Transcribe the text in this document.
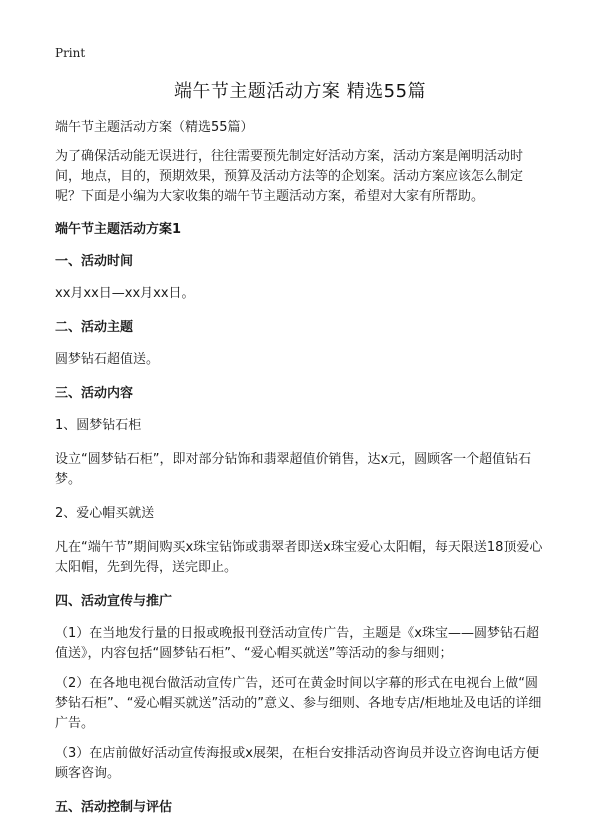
Print
端午节主题活动方案 精选55篇

端午节主题活动方案（精选55篇）

为了确保活动能无误进行，往往需要预先制定好活动方案，活动方案是阐明活动时间，地点，目的，预期效果，预算及活动方法等的企划案。活动方案应该怎么制定呢？下面是小编为大家收集的端午节主题活动方案，希望对大家有所帮助。

端午节主题活动方案1

一、活动时间

xx月xx日—xx月xx日。

二、活动主题

圆梦钻石超值送。

三、活动内容

1、圆梦钻石柜

设立“圆梦钻石柜”，即对部分钻饰和翡翠超值价销售，达x元，圆顾客一个超值钻石梦。

2、爱心帽买就送

凡在“端午节”期间购买x珠宝钻饰或翡翠者即送x珠宝爱心太阳帽，每天限送18顶爱心太阳帽，先到先得，送完即止。

四、活动宣传与推广

（1）在当地发行量的日报或晚报刊登活动宣传广告，主题是《x珠宝——圆梦钻石超值送》，内容包括“圆梦钻石柜”、“爱心帽买就送”等活动的参与细则；

（2）在各地电视台做活动宣传广告，还可在黄金时间以字幕的形式在电视台上做“圆梦钻石柜”、“爱心帽买就送”活动的”意义、参与细则、各地专店/柜地址及电话的详细广告。

（3）在店前做好活动宣传海报或x展架，在柜台安排活动咨询员并设立咨询电话方便顾客咨询。

五、活动控制与评估
